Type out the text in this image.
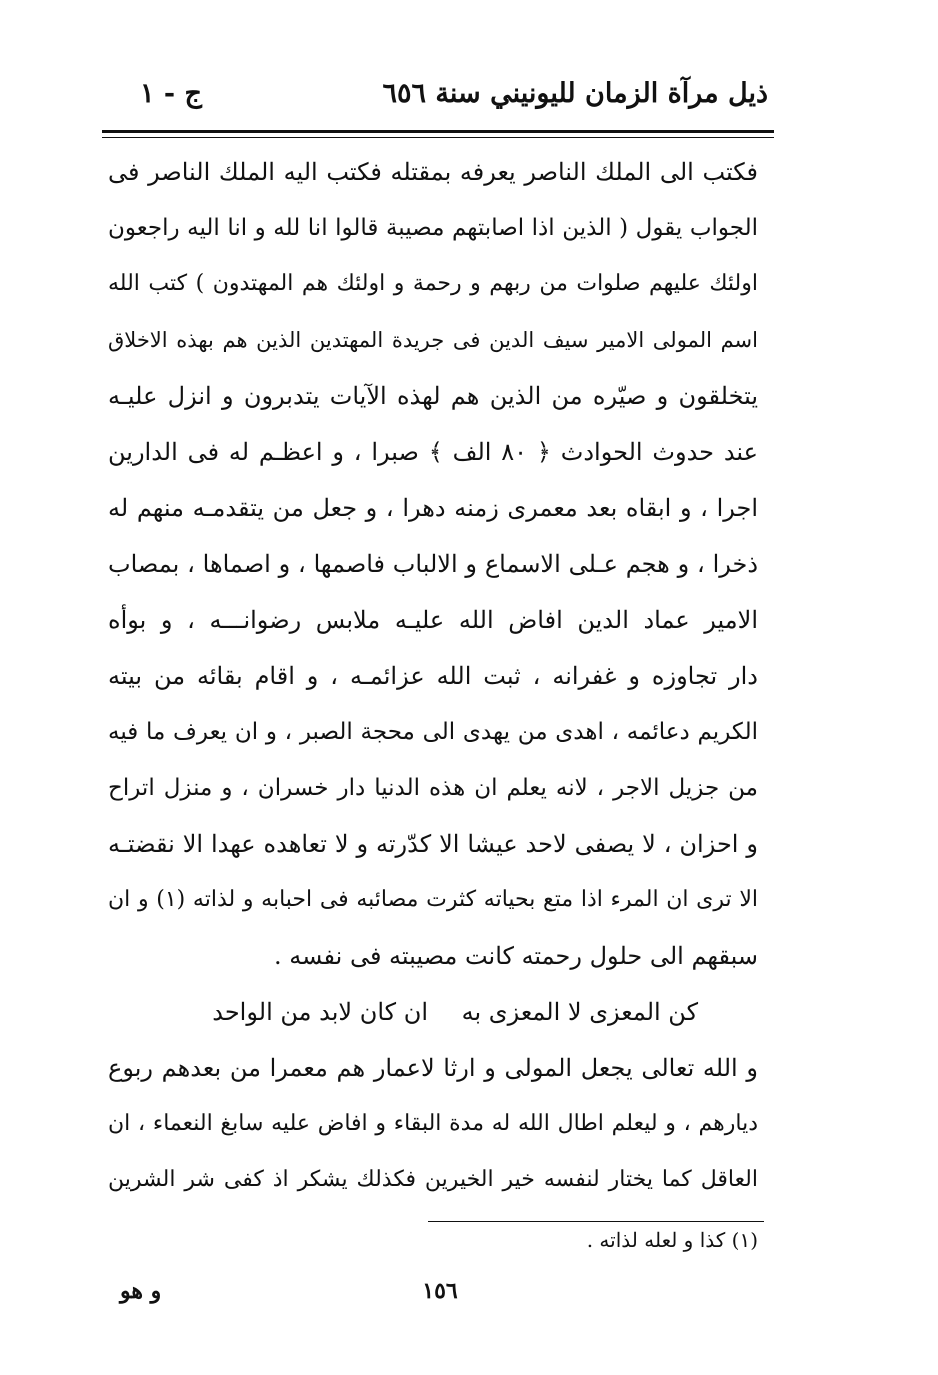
ذيل مرآة الزمان لليونيني سنة ٦٥٦
ج - ١
فكتب الى الملك الناصر يعرفه بمقتله فكتب اليه الملك الناصر فى
الجواب يقول ( الذين اذا اصابتهم مصيبة قالوا انا لله و انا اليه راجعون
اولئك عليهم صلوات من ربهم و رحمة و اولئك هم المهتدون ) كتب الله
اسم المولى الامير سيف الدين فى جريدة المهتدين الذين هم بهذه الاخلاق
يتخلقون و صيّره من الذين هم لهذه الآيات يتدبرون و انزل عليـه
عند حدوث الحوادث ﴿ ٨٠ الف ﴾ صبرا ، و اعظـم له فى الدارين
اجرا ، و ابقاه بعد معمرى زمنه دهرا ، و جعل من يتقدمـه منهم له
ذخرا ، و هجم عـلى الاسماع و الالباب فاصمها ، و اصماها ، بمصاب
الامير عماد الدين افاض الله عليـه ملابس رضوانـــه ، و بوأه
دار تجاوزه و غفرانه ، ثبت الله عزائمـه ، و اقام بقائه من بيته
الكريم دعائمه ، اهدى من يهدى الى محجة الصبر ، و ان يعرف ما فيه
من جزيل الاجر ، لانه يعلم ان هذه الدنيا دار خسران ، و منزل اتراح
و احزان ، لا يصفى لاحد عيشا الا كدّرته و لا تعاهده عهدا الا نقضتـه
الا ترى ان المرء اذا متع بحياته كثرت مصائبه فى احبابه و لذاته (١) و ان
سبقهم الى حلول رحمته كانت مصيبته فى نفسه .
كن المعزى لا المعزى به
ان كان لابد من الواحد
و الله تعالى يجعل المولى و ارثا لاعمار هم معمرا من بعدهم ربوع
ديارهم ، و ليعلم اطال الله له مدة البقاء و افاض عليه سابغ النعماء ، ان
العاقل كما يختار لنفسه خير الخيرين فكذلك يشكر اذ كفى شر الشرين
(١) كذا و لعله لذاته .
و هو	١٥٦
